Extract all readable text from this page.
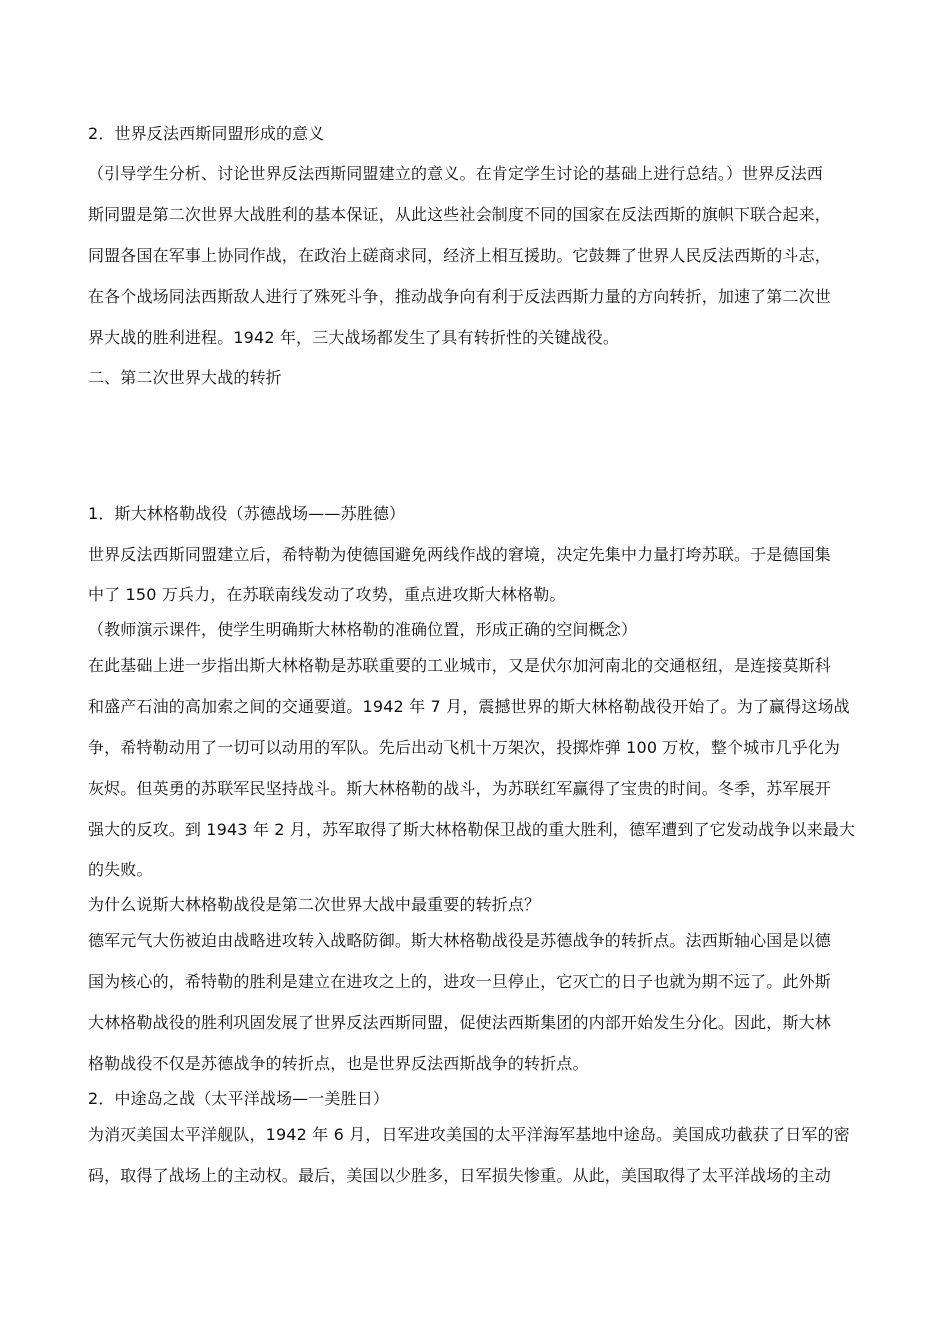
2．世界反法西斯同盟形成的意义
（引导学生分析、讨论世界反法西斯同盟建立的意义。在肯定学生讨论的基础上进行总结。）世界反法西
斯同盟是第二次世界大战胜利的基本保证，从此这些社会制度不同的国家在反法西斯的旗帜下联合起来，
同盟各国在军事上协同作战，在政治上磋商求同，经济上相互援助。它鼓舞了世界人民反法西斯的斗志，
在各个战场同法西斯敌人进行了殊死斗争，推动战争向有利于反法西斯力量的方向转折，加速了第二次世
界大战的胜利进程。1942 年，三大战场都发生了具有转折性的关键战役。
二、第二次世界大战的转折
1．斯大林格勒战役（苏德战场——苏胜德）
世界反法西斯同盟建立后，希特勒为使德国避免两线作战的窘境，决定先集中力量打垮苏联。于是德国集
中了 150 万兵力，在苏联南线发动了攻势，重点进攻斯大林格勒。
（教师演示课件，使学生明确斯大林格勒的准确位置，形成正确的空间概念）
在此基础上进一步指出斯大林格勒是苏联重要的工业城市，又是伏尔加河南北的交通枢纽，是连接莫斯科
和盛产石油的高加索之间的交通要道。1942 年 7 月，震撼世界的斯大林格勒战役开始了。为了赢得这场战
争，希特勒动用了一切可以动用的军队。先后出动飞机十万架次，投掷炸弹 100 万枚，整个城市几乎化为
灰烬。但英勇的苏联军民坚持战斗。斯大林格勒的战斗，为苏联红军赢得了宝贵的时间。冬季，苏军展开
强大的反攻。到 1943 年 2 月，苏军取得了斯大林格勒保卫战的重大胜利，德军遭到了它发动战争以来最大
的失败。
为什么说斯大林格勒战役是第二次世界大战中最重要的转折点？
德军元气大伤被迫由战略进攻转入战略防御。斯大林格勒战役是苏德战争的转折点。法西斯轴心国是以德
国为核心的，希特勒的胜利是建立在进攻之上的，进攻一旦停止，它灭亡的日子也就为期不远了。此外斯
大林格勒战役的胜利巩固发展了世界反法西斯同盟，促使法西斯集团的内部开始发生分化。因此，斯大林
格勒战役不仅是苏德战争的转折点，也是世界反法西斯战争的转折点。
2．中途岛之战（太平洋战场—一美胜日）
为消灭美国太平洋舰队，1942 年 6 月，日军进攻美国的太平洋海军基地中途岛。美国成功截获了日军的密
码，取得了战场上的主动权。最后，美国以少胜多，日军损失惨重。从此，美国取得了太平洋战场的主动
